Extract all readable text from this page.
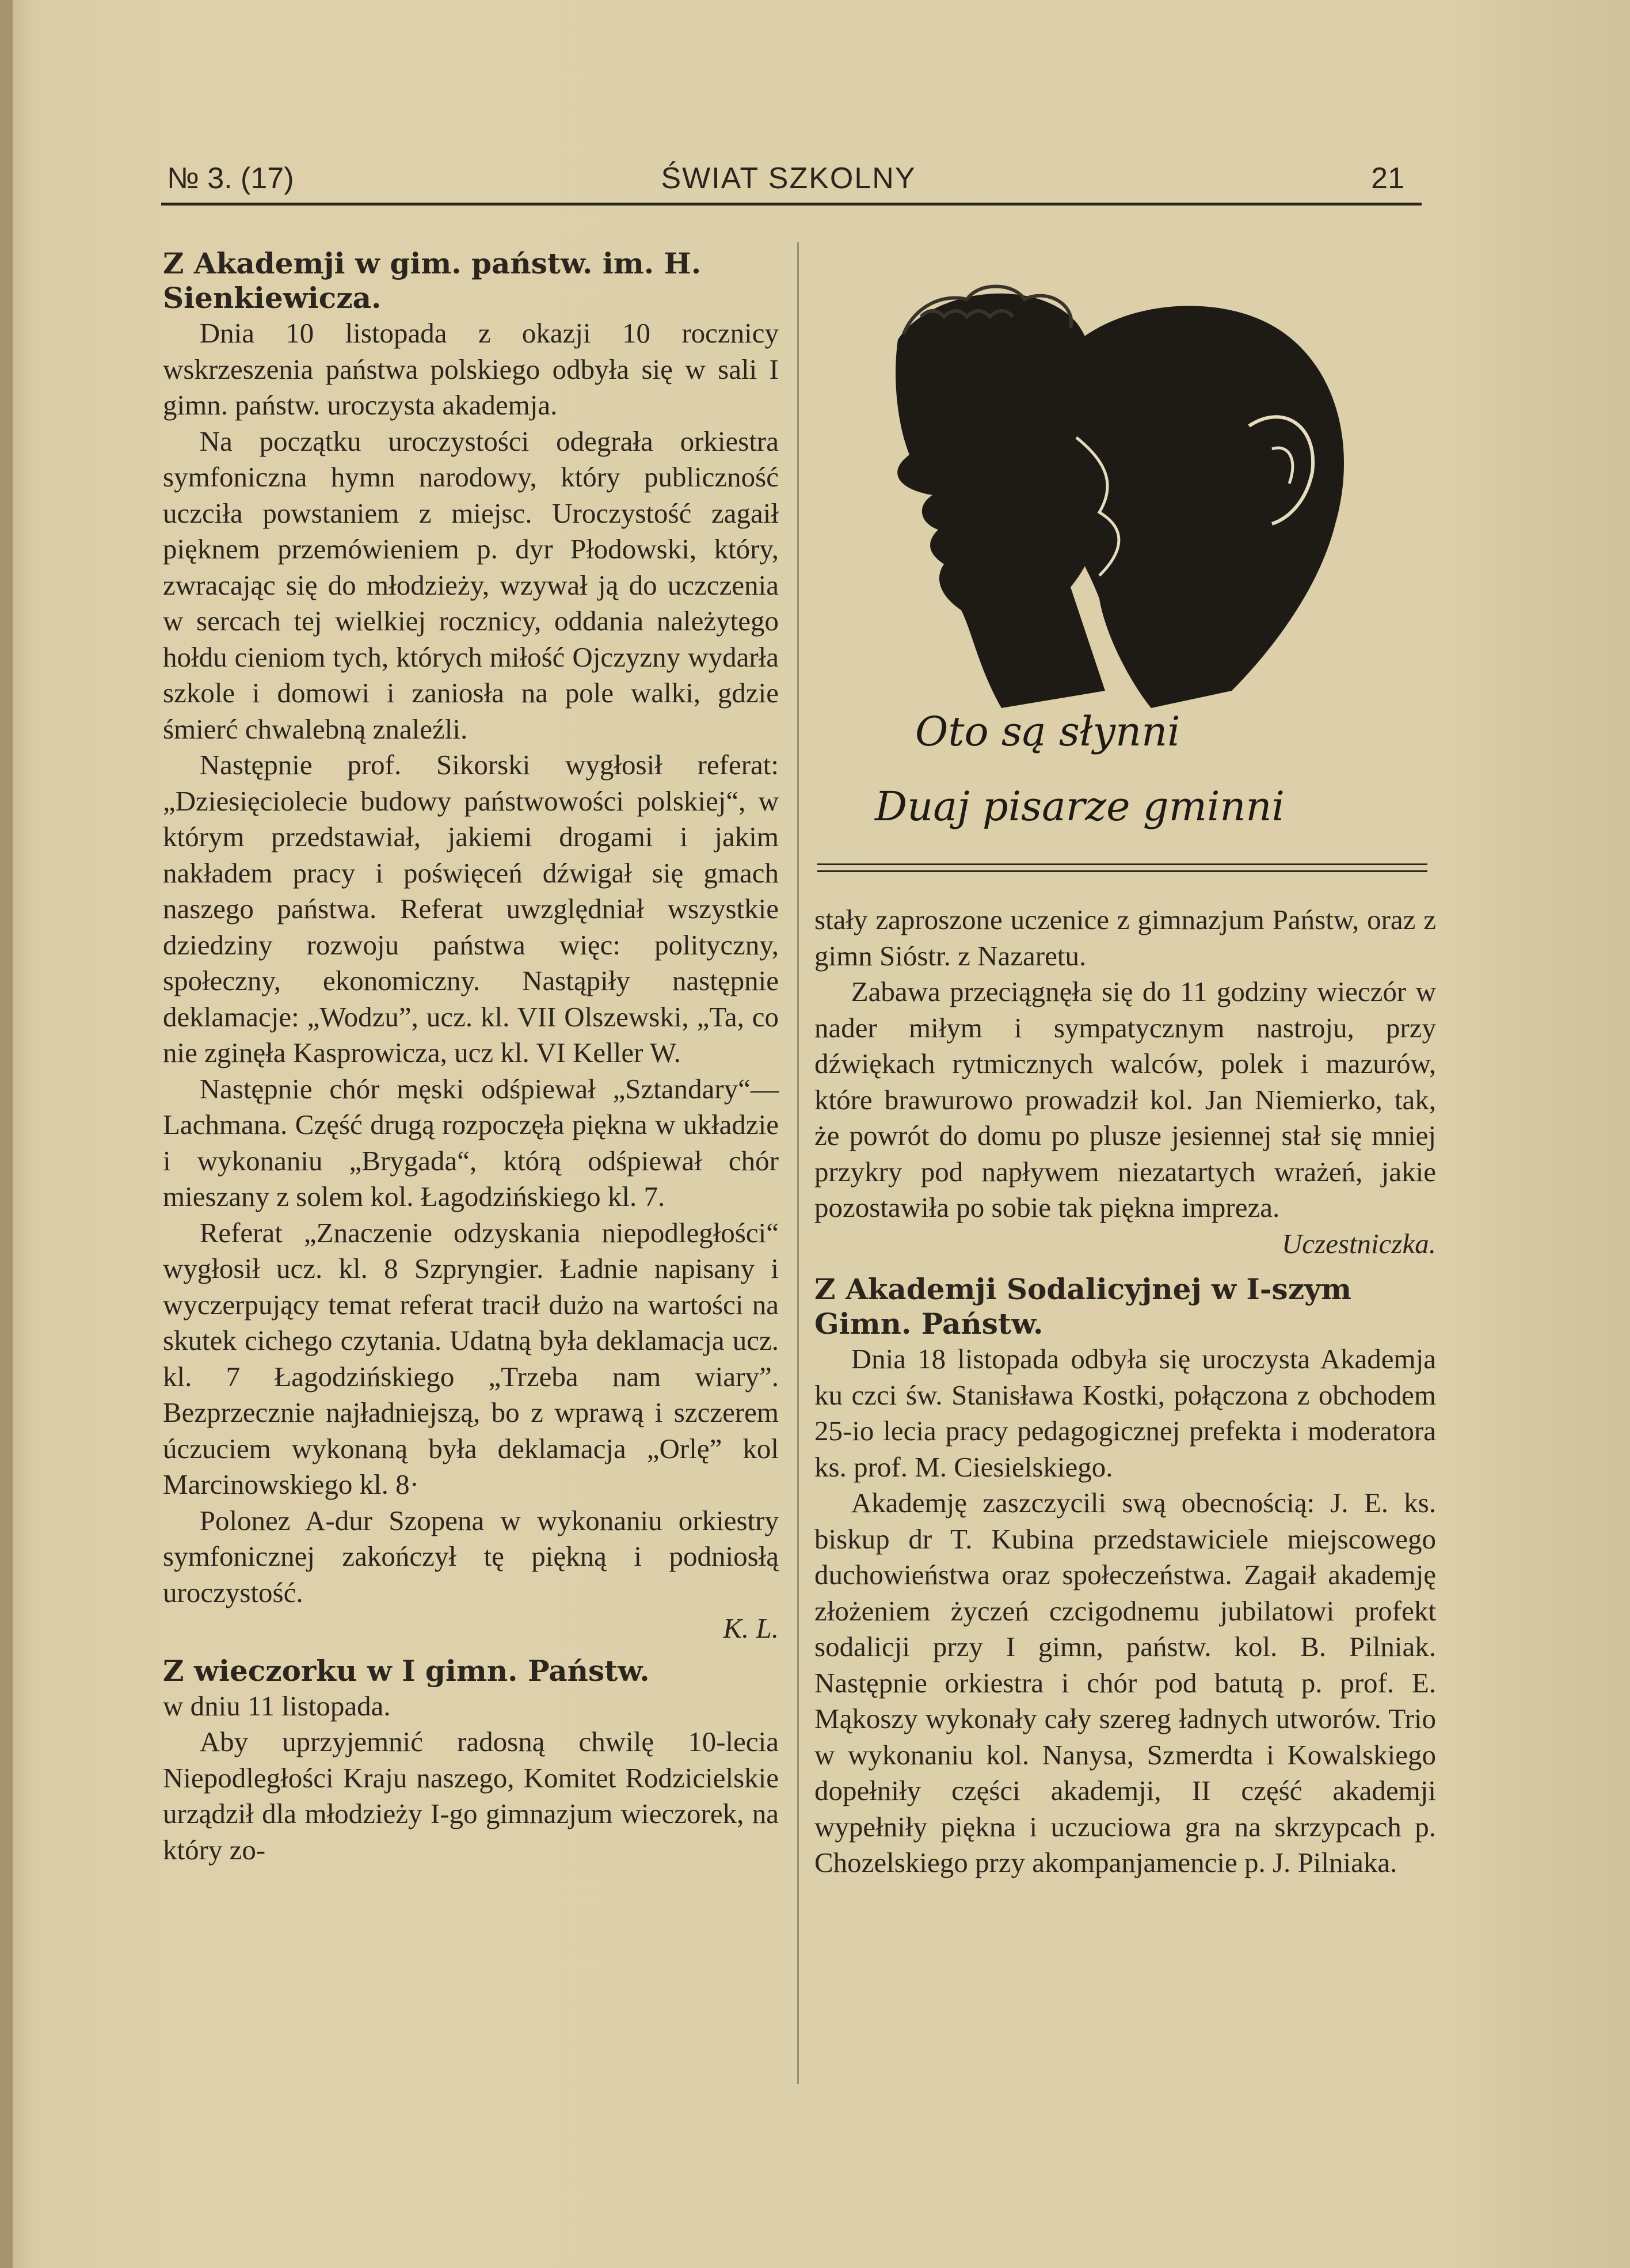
№ 3. (17)	ŚWIAT SZKOLNY	21
Z Akademji w gim. państw. im. H. Sienkiewicza.

Dnia 10 listopada z okazji 10 rocznicy wskrzeszenia państwa polskiego odbyła się w sali I gimn. państw. uroczysta akademja.

Na początku uroczystości odegrała orkiestra symfoniczna hymn narodowy, który publiczność uczciła powstaniem z miejsc. Uroczystość zagaił pięknem przemówieniem p. dyr Płodowski, który, zwracając się do młodzieży, wzywał ją do uczczenia w sercach tej wielkiej rocznicy, oddania należytego hołdu cieniom tych, których miłość Ojczyzny wydarła szkole i domowi i zaniosła na pole walki, gdzie śmierć chwalebną znaleźli.

Następnie prof. Sikorski wygłosił referat: „Dziesięciolecie budowy państwowości polskiej“, w którym przedstawiał, jakiemi drogami i jakim nakładem pracy i poświęceń dźwigał się gmach naszego państwa. Referat uwzględniał wszystkie dziedziny rozwoju państwa więc: polityczny, społeczny, ekonomiczny. Nastąpiły następnie deklamacje: „Wodzu”, ucz. kl. VII Olszewski, „Ta, co nie zginęła Kasprowicza, ucz kl. VI Keller W.

Następnie chór męski odśpiewał „Sztandary“—Lachmana. Część drugą rozpoczęła piękna w układzie i wykonaniu „Brygada“, którą odśpiewał chór mieszany z solem kol. Łagodzińskiego kl. 7.

Referat „Znaczenie odzyskania niepodległości“ wygłosił ucz. kl. 8 Szpryngier. Ładnie napisany i wyczerpujący temat referat tracił dużo na wartości na skutek cichego czytania. Udatną była deklamacja ucz. kl. 7 Łagodzińskiego „Trzeba nam wiary”. Bezprzecznie najładniejszą, bo z wprawą i szczerem úczuciem wykonaną była deklamacja „Orlę” kol Marcinowskiego kl. 8·

Polonez A-dur Szopena w wykonaniu orkiestry symfonicznej zakończył tę piękną i podniosłą uroczystość.

K. L.
Z wieczorku w I gimn. Państw.

w dniu 11 listopada.

Aby uprzyjemnić radosną chwilę 10-lecia Niepodległości Kraju naszego, Komitet Rodzicielskie urządził dla młodzieży I-go gimnazjum wieczorek, na który zo-

Oto są słynni
Duaj pisarze gminni

stały zaproszone uczenice z gimnazjum Państw, oraz z gimn Sióstr. z Nazaretu.

Zabawa przeciągnęła się do 11 godziny wieczór w nader miłym i sympatycznym nastroju, przy dźwiękach rytmicznych walców, polek i mazurów, które brawurowo prowadził kol. Jan Niemierko, tak, że powrót do domu po plusze jesiennej stał się mniej przykry pod napływem niezatartych wrażeń, jakie pozostawiła po sobie tak piękna impreza.

Uczestniczka.
Z Akademji Sodalicyjnej w I-szym Gimn. Państw.

Dnia 18 listopada odbyła się uroczysta Akademja ku czci św. Stanisława Kostki, połączona z obchodem 25-io lecia pracy pedagogicznej prefekta i moderatora ks. prof. M. Ciesielskiego.

Akademję zaszczycili swą obecnością: J. E. ks. biskup dr T. Kubina przedstawiciele miejscowego duchowieństwa oraz społeczeństwa. Zagaił akademję złożeniem życzeń czcigodnemu jubilatowi profekt sodalicji przy I gimn, państw. kol. B. Pilniak. Następnie orkiestra i chór pod batutą p. prof. E. Mąkoszy wykonały cały szereg ładnych utworów. Trio w wykonaniu kol. Nanysa, Szmerdta i Kowalskiego dopełniły części akademji, II część akademji wypełniły piękna i uczuciowa gra na skrzypcach p. Chozelskiego przy akompanjamencie p. J. Pilniaka.
